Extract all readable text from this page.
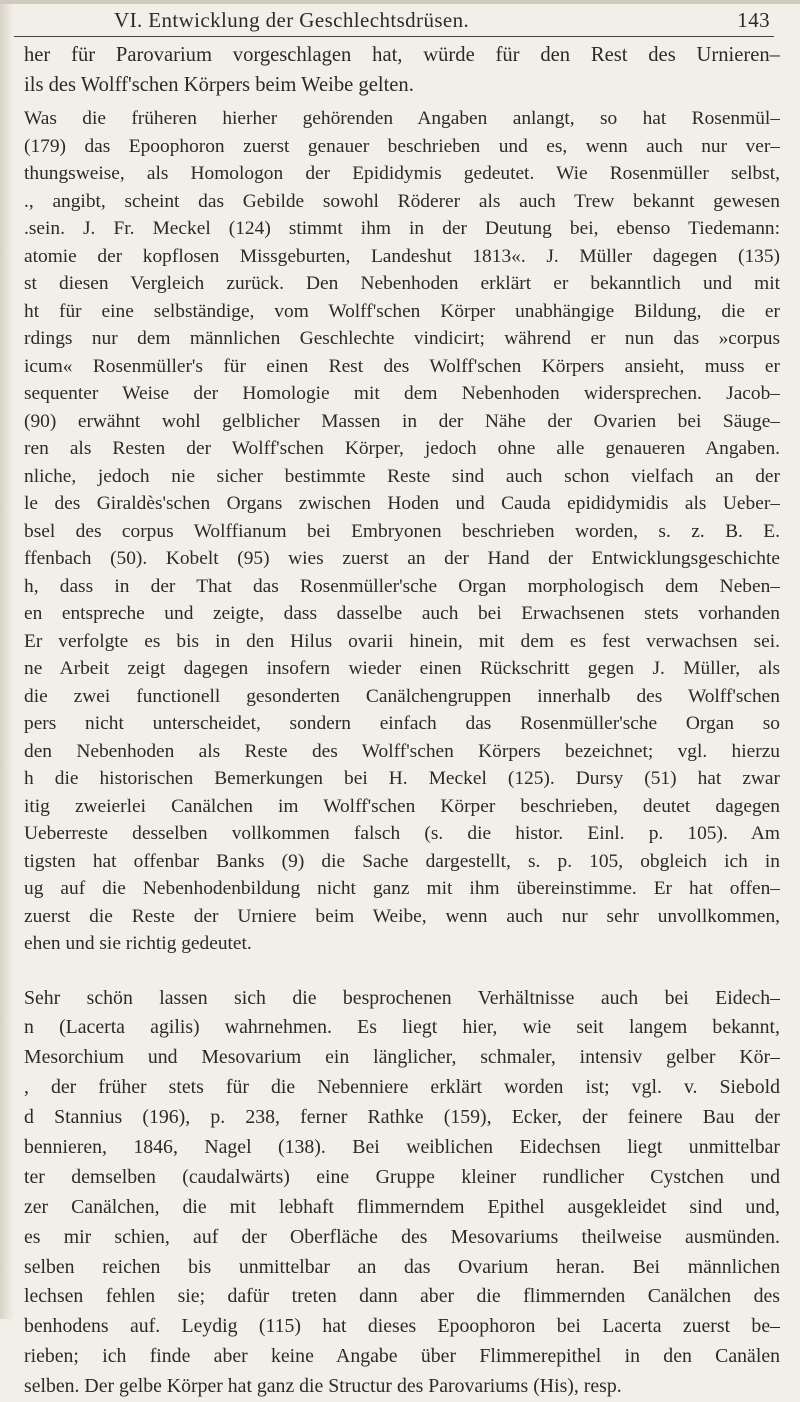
VI. Entwicklung der Geschlechtsdrüsen.	143
her für Parovarium vorgeschlagen hat, würde für den Rest des Urnieren–
ils des Wolff'schen Körpers beim Weibe gelten.
Was die früheren hierher gehörenden Angaben anlangt, so hat Rosenmül–
(179) das Epoophoron zuerst genauer beschrieben und es, wenn auch nur ver–
thungsweise, als Homologon der Epididymis gedeutet. Wie Rosenmüller selbst,
., angibt, scheint das Gebilde sowohl Röderer als auch Trew bekannt gewesen
.sein. J. Fr. Meckel (124) stimmt ihm in der Deutung bei, ebenso Tiedemann:
atomie der kopflosen Missgeburten, Landeshut 1813«. J. Müller dagegen (135)
st diesen Vergleich zurück. Den Nebenhoden erklärt er bekanntlich und mit
ht für eine selbständige, vom Wolff'schen Körper unabhängige Bildung, die er
rdings nur dem männlichen Geschlechte vindicirt; während er nun das »corpus
icum« Rosenmüller's für einen Rest des Wolff'schen Körpers ansieht, muss er
sequenter Weise der Homologie mit dem Nebenhoden widersprechen. Jacob–
(90) erwähnt wohl gelblicher Massen in der Nähe der Ovarien bei Säuge–
ren als Resten der Wolff'schen Körper, jedoch ohne alle genaueren Angaben.
nliche, jedoch nie sicher bestimmte Reste sind auch schon vielfach an der
le des Giraldès'schen Organs zwischen Hoden und Cauda epididymidis als Ueber–
bsel des corpus Wolffianum bei Embryonen beschrieben worden, s. z. B. E.
ffenbach (50). Kobelt (95) wies zuerst an der Hand der Entwicklungsgeschichte
h, dass in der That das Rosenmüller'sche Organ morphologisch dem Neben–
en entspreche und zeigte, dass dasselbe auch bei Erwachsenen stets vorhanden
Er verfolgte es bis in den Hilus ovarii hinein, mit dem es fest verwachsen sei.
ne Arbeit zeigt dagegen insofern wieder einen Rückschritt gegen J. Müller, als
die zwei functionell gesonderten Canälchengruppen innerhalb des Wolff'schen
pers nicht unterscheidet, sondern einfach das Rosenmüller'sche Organ so
den Nebenhoden als Reste des Wolff'schen Körpers bezeichnet; vgl. hierzu
h die historischen Bemerkungen bei H. Meckel (125). Dursy (51) hat zwar
itig zweierlei Canälchen im Wolff'schen Körper beschrieben, deutet dagegen
Ueberreste desselben vollkommen falsch (s. die histor. Einl. p. 105). Am
tigsten hat offenbar Banks (9) die Sache dargestellt, s. p. 105, obgleich ich in
ug auf die Nebenhodenbildung nicht ganz mit ihm übereinstimme. Er hat offen–
zuerst die Reste der Urniere beim Weibe, wenn auch nur sehr unvollkommen,
ehen und sie richtig gedeutet.
Sehr schön lassen sich die besprochenen Verhältnisse auch bei Eidech–
n (Lacerta agilis) wahrnehmen. Es liegt hier, wie seit langem bekannt,
Mesorchium und Mesovarium ein länglicher, schmaler, intensiv gelber Kör–
, der früher stets für die Nebenniere erklärt worden ist; vgl. v. Siebold
d Stannius (196), p. 238, ferner Rathke (159), Ecker, der feinere Bau der
bennieren, 1846, Nagel (138). Bei weiblichen Eidechsen liegt unmittelbar
ter demselben (caudalwärts) eine Gruppe kleiner rundlicher Cystchen und
zer Canälchen, die mit lebhaft flimmerndem Epithel ausgekleidet sind und,
es mir schien, auf der Oberfläche des Mesovariums theilweise ausmünden.
selben reichen bis unmittelbar an das Ovarium heran. Bei männlichen
lechsen fehlen sie; dafür treten dann aber die flimmernden Canälchen des
benhodens auf. Leydig (115) hat dieses Epoophoron bei Lacerta zuerst be–
rieben; ich finde aber keine Angabe über Flimmerepithel in den Canälen
selben. Der gelbe Körper hat ganz die Structur des Parovariums (His), resp.
